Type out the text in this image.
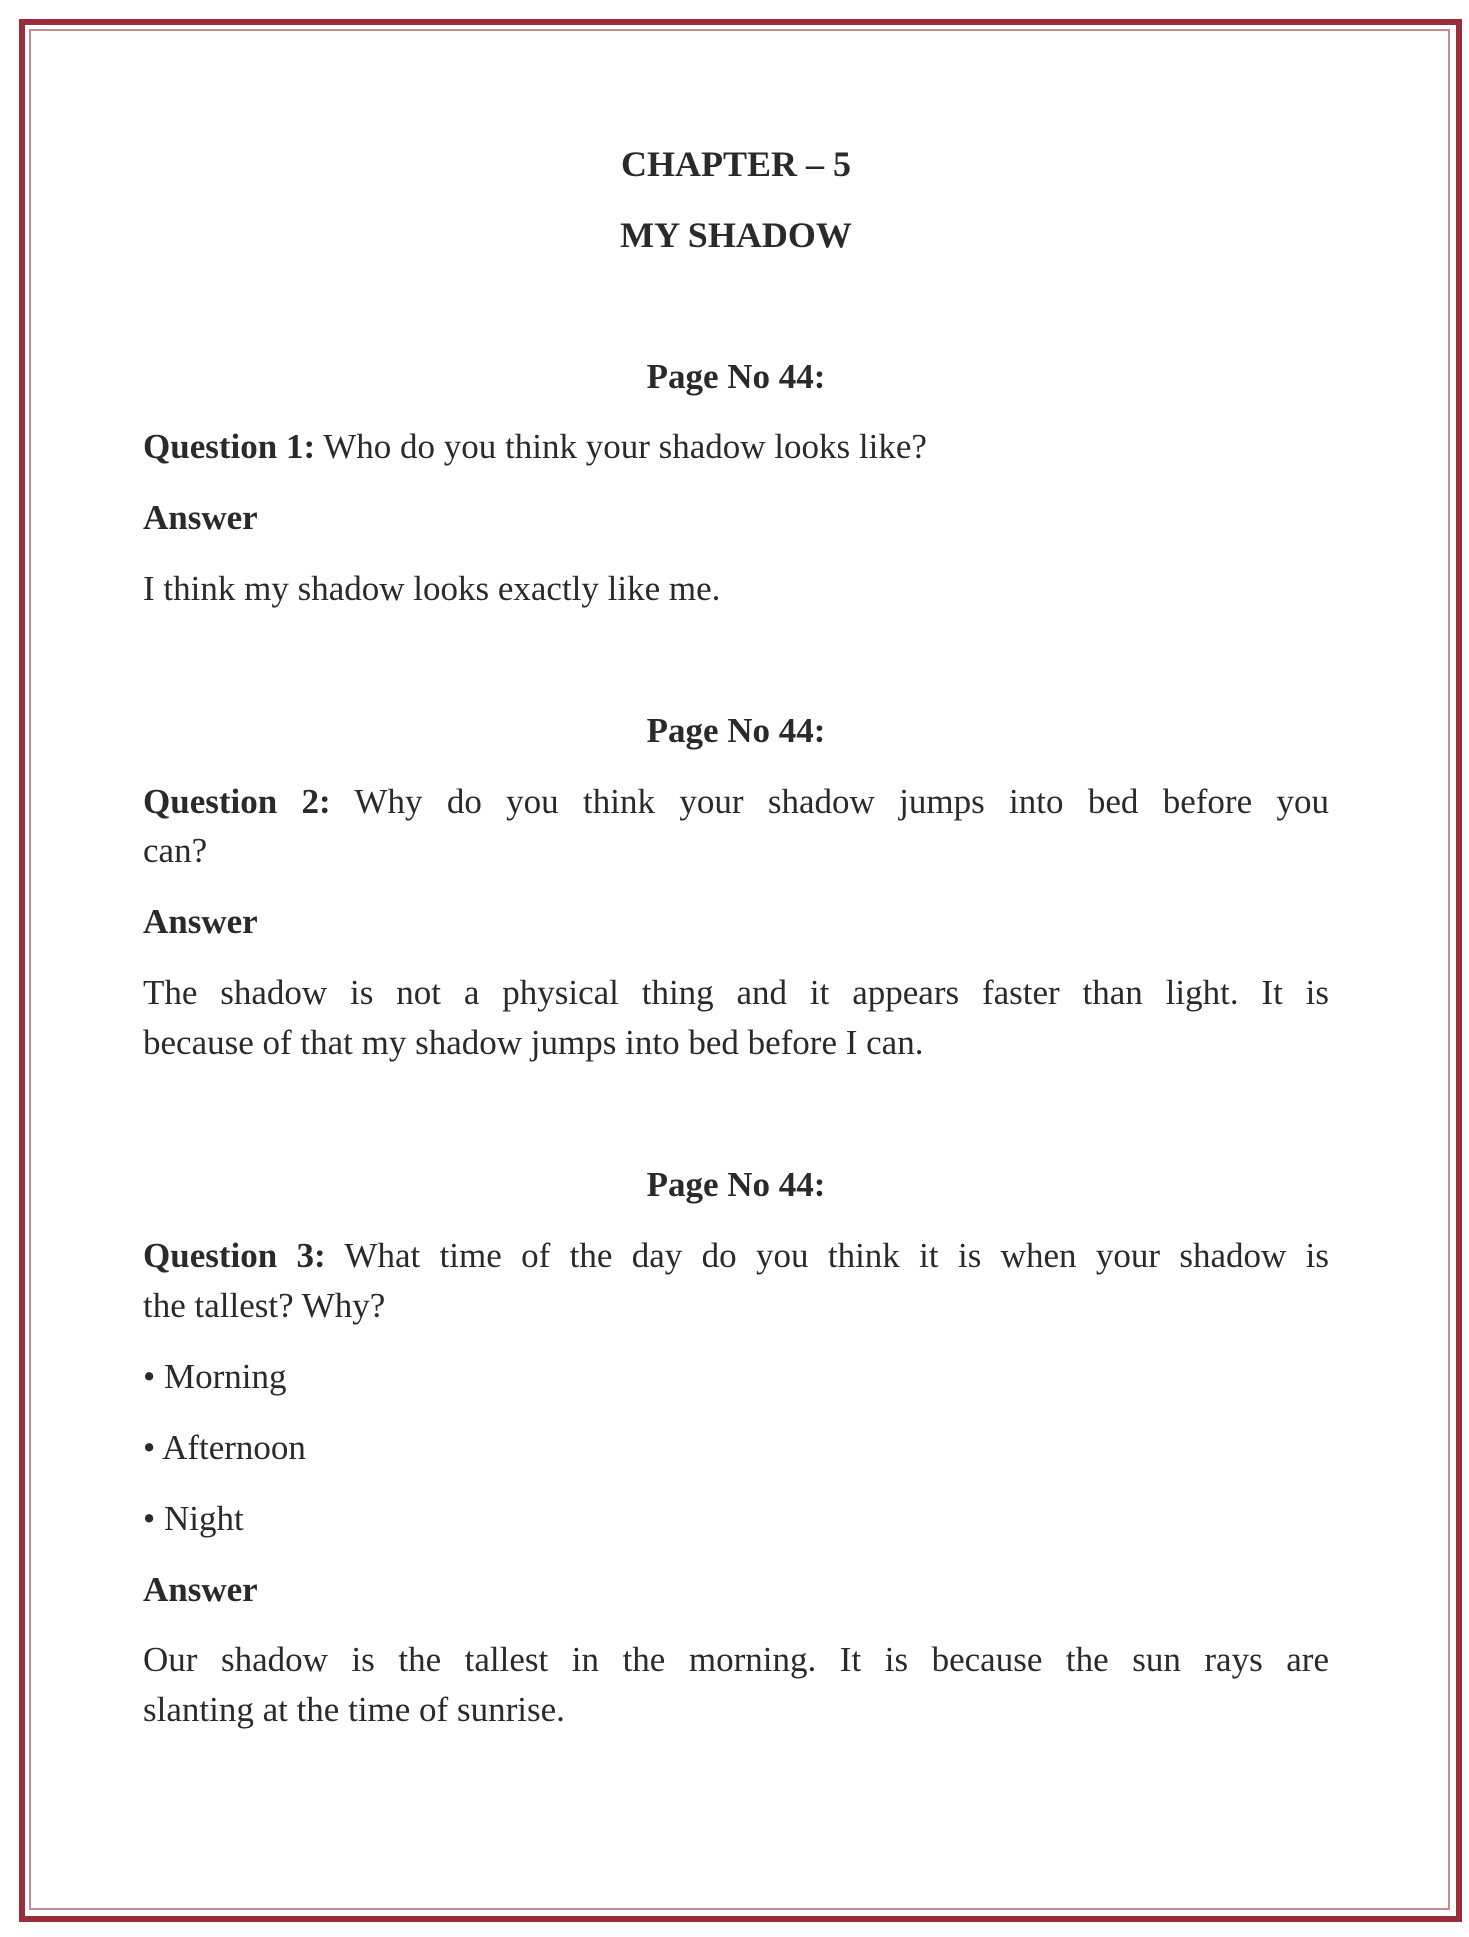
CHAPTER – 5
MY SHADOW
Page No 44:
Question 1: Who do you think your shadow looks like?
Answer
I think my shadow looks exactly like me.
Page No 44:
Question 2: Why do you think your shadow jumps into bed before you
can?
Answer
The shadow is not a physical thing and it appears faster than light. It is
because of that my shadow jumps into bed before I can.
Page No 44:
Question 3: What time of the day do you think it is when your shadow is
the tallest? Why?
• Morning
• Afternoon
• Night
Answer
Our shadow is the tallest in the morning. It is because the sun rays are
slanting at the time of sunrise.
